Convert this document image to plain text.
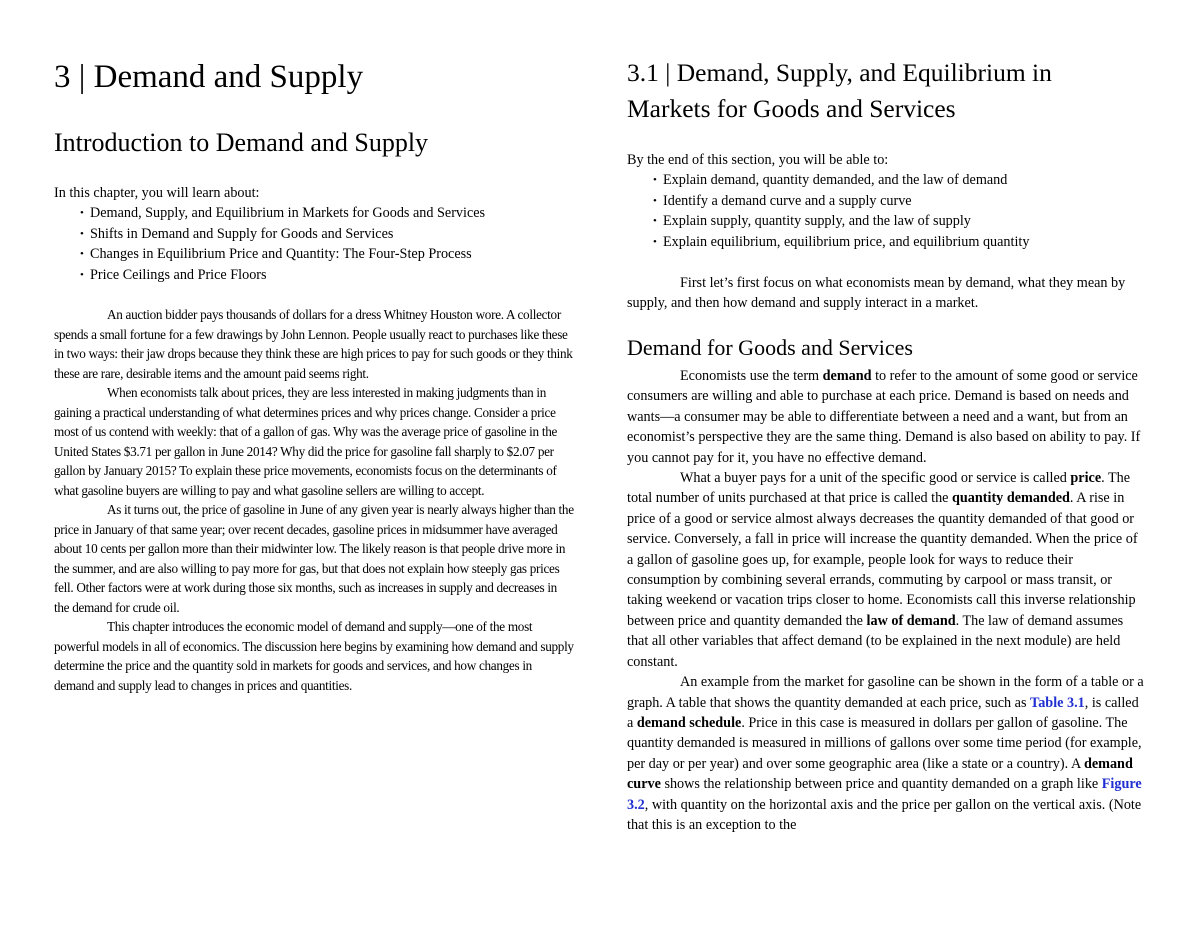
3 | Demand and Supply
Introduction to Demand and Supply
In this chapter, you will learn about:
• Demand, Supply, and Equilibrium in Markets for Goods and Services
• Shifts in Demand and Supply for Goods and Services
• Changes in Equilibrium Price and Quantity: The Four-Step Process
• Price Ceilings and Price Floors

An auction bidder pays thousands of dollars for a dress Whitney Houston wore. A collector spends a small fortune for a few drawings by John Lennon. People usually react to purchases like these in two ways: their jaw drops because they think these are high prices to pay for such goods or they think these are rare, desirable items and the amount paid seems right.

When economists talk about prices, they are less interested in making judgments than in gaining a practical understanding of what determines prices and why prices change. Consider a price most of us contend with weekly: that of a gallon of gas. Why was the average price of gasoline in the United States $3.71 per gallon in June 2014? Why did the price for gasoline fall sharply to $2.07 per gallon by January 2015? To explain these price movements, economists focus on the determinants of what gasoline buyers are willing to pay and what gasoline sellers are willing to accept.

As it turns out, the price of gasoline in June of any given year is nearly always higher than the price in January of that same year; over recent decades, gasoline prices in midsummer have averaged about 10 cents per gallon more than their midwinter low. The likely reason is that people drive more in the summer, and are also willing to pay more for gas, but that does not explain how steeply gas prices fell. Other factors were at work during those six months, such as increases in supply and decreases in the demand for crude oil.

This chapter introduces the economic model of demand and supply—one of the most powerful models in all of economics. The discussion here begins by examining how demand and supply determine the price and the quantity sold in markets for goods and services, and how changes in demand and supply lead to changes in prices and quantities.

3.1 | Demand, Supply, and Equilibrium in Markets for Goods and Services
By the end of this section, you will be able to:
• Explain demand, quantity demanded, and the law of demand
• Identify a demand curve and a supply curve
• Explain supply, quantity supply, and the law of supply
• Explain equilibrium, equilibrium price, and equilibrium quantity

First let’s first focus on what economists mean by demand, what they mean by supply, and then how demand and supply interact in a market.

Demand for Goods and Services

Economists use the term demand to refer to the amount of some good or service consumers are willing and able to purchase at each price. Demand is based on needs and wants—a consumer may be able to differentiate between a need and a want, but from an economist’s perspective they are the same thing. Demand is also based on ability to pay. If you cannot pay for it, you have no effective demand.

What a buyer pays for a unit of the specific good or service is called price. The total number of units purchased at that price is called the quantity demanded. A rise in price of a good or service almost always decreases the quantity demanded of that good or service. Conversely, a fall in price will increase the quantity demanded. When the price of a gallon of gasoline goes up, for example, people look for ways to reduce their consumption by combining several errands, commuting by carpool or mass transit, or taking weekend or vacation trips closer to home. Economists call this inverse relationship between price and quantity demanded the law of demand. The law of demand assumes that all other variables that affect demand (to be explained in the next module) are held constant.

An example from the market for gasoline can be shown in the form of a table or a graph. A table that shows the quantity demanded at each price, such as Table 3.1, is called a demand schedule. Price in this case is measured in dollars per gallon of gasoline. The quantity demanded is measured in millions of gallons over some time period (for example, per day or per year) and over some geographic area (like a state or a country). A demand curve shows the relationship between price and quantity demanded on a graph like Figure 3.2, with quantity on the horizontal axis and the price per gallon on the vertical axis. (Note that this is an exception to the
